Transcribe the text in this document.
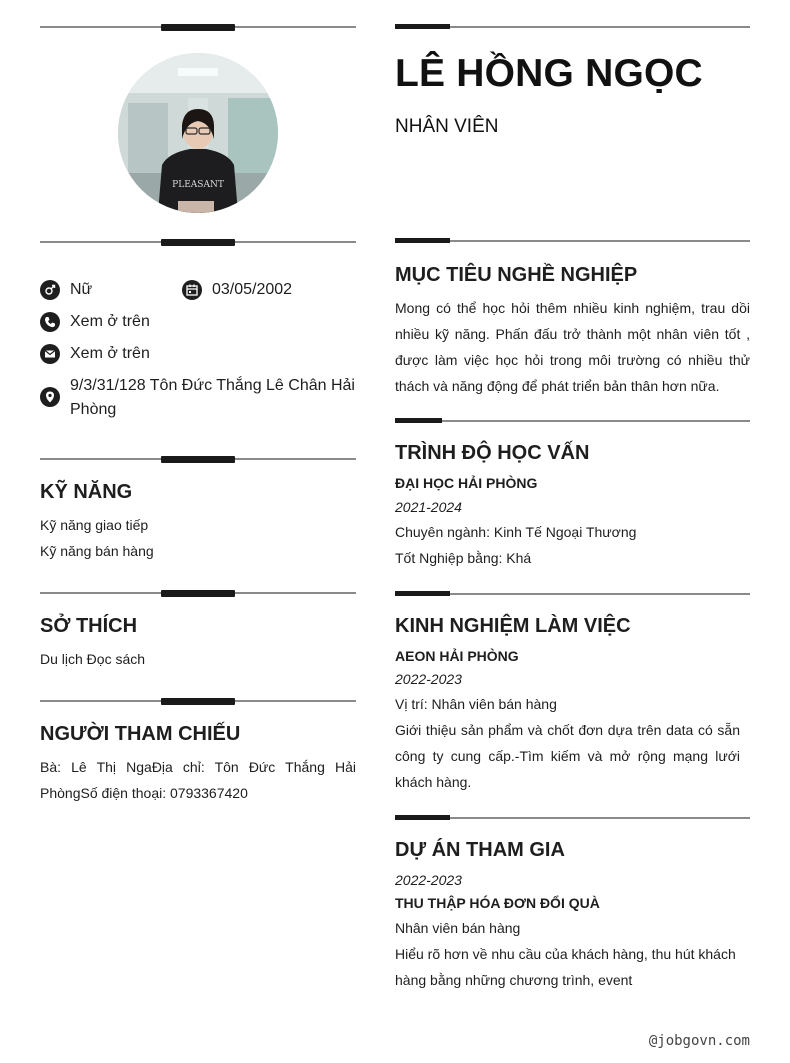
PLEASANT
Nữ	03/05/2002
Xem ở trên
Xem ở trên
9/3/31/128 Tôn Đức Thắng Lê Chân Hải Phòng
KỸ NĂNG
Kỹ năng giao tiếp
Kỹ năng bán hàng
SỞ THÍCH
Du lịch Đọc sách
NGƯỜI THAM CHIẾU
Bà: Lê Thị NgaĐịa chỉ: Tôn Đức Thắng Hải PhòngSố điện thoại: 0793367420
LÊ HỒNG NGỌC
NHÂN VIÊN
MỤC TIÊU NGHỀ NGHIỆP
Mong có thể học hỏi thêm nhiều kinh nghiệm, trau dồi nhiều kỹ năng. Phấn đấu trở thành một nhân viên tốt , được làm việc học hỏi trong môi trường có nhiều thử thách và năng động để phát triển bản thân hơn nữa.
TRÌNH ĐỘ HỌC VẤN
ĐẠI HỌC HẢI PHÒNG
2021-2024
Chuyên ngành: Kinh Tế Ngoại Thương
Tốt Nghiệp bằng: Khá
KINH NGHIỆM LÀM VIỆC
AEON HẢI PHÒNG
2022-2023
Vị trí: Nhân viên bán hàng
Giới thiệu sản phẩm và chốt đơn dựa trên data có sẵn công ty cung cấp.-Tìm kiếm và mở rộng mạng lưới khách hàng.
DỰ ÁN THAM GIA
2022-2023
THU THẬP HÓA ĐƠN ĐỔI QUÀ
Nhân viên bán hàng
Hiểu rõ hơn về nhu cầu của khách hàng, thu hút khách hàng bằng những chương trình, event
@jobgovn.com
